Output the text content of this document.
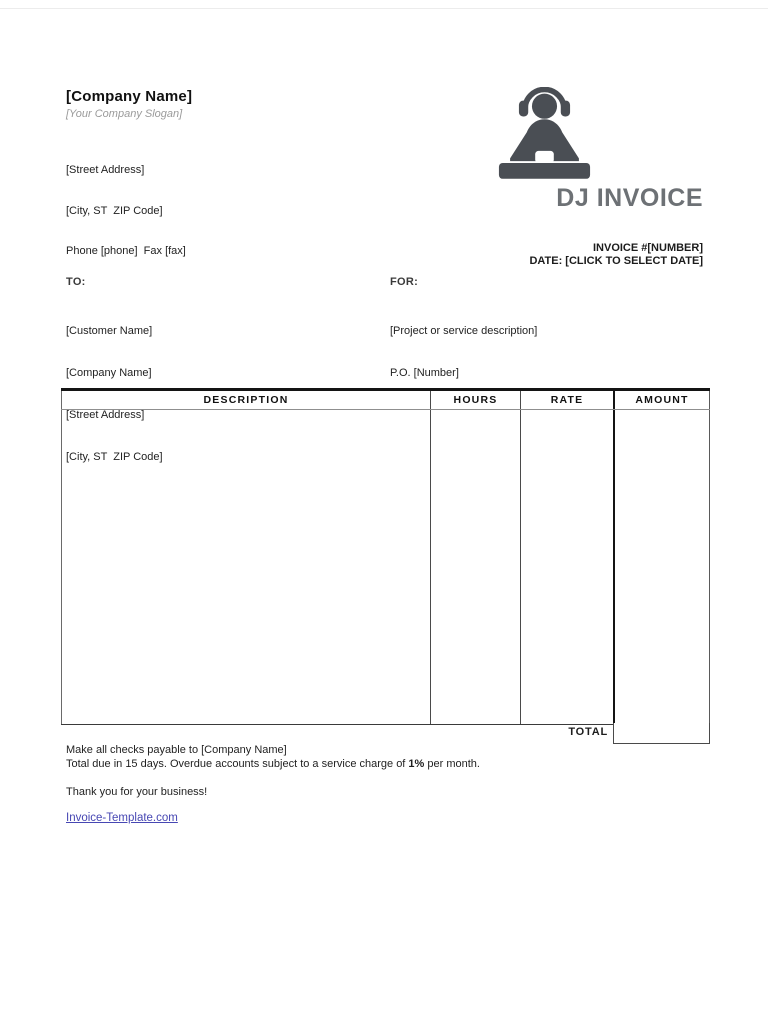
[Company Name]
[Your Company Slogan]

[Street Address]

[City, ST  ZIP Code]

Phone [phone]  Fax [fax]

DJ INVOICE
INVOICE #[NUMBER]
DATE: [CLICK TO SELECT DATE]
TO:

[Customer Name]

[Company Name]

[Street Address]

[City, ST  ZIP Code]

FOR:

[Project or service description]

P.O. [Number]

DESCRIPTION	HOURS	RATE	AMOUNT
TOTAL
Make all checks payable to [Company Name]
Total due in 15 days. Overdue accounts subject to a service charge of 1% per month.
Thank you for your business!
Invoice-Template.com
